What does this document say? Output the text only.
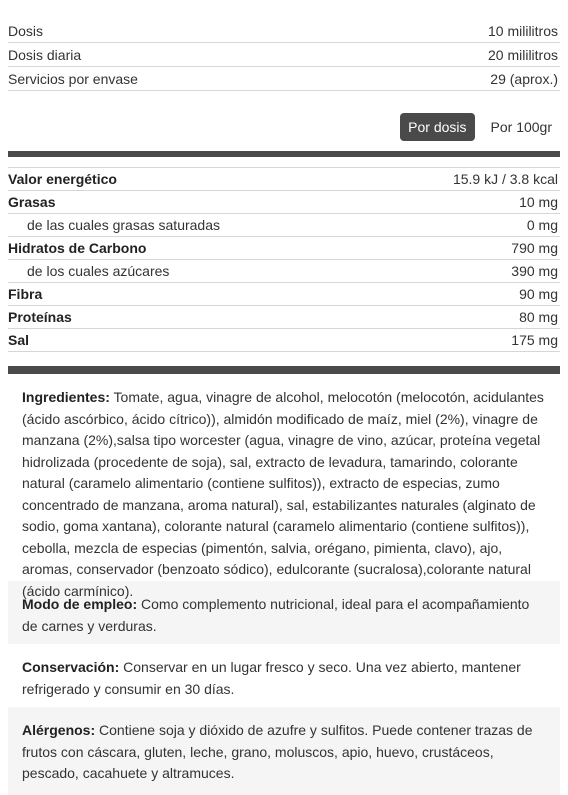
Dosis	10 mililitros
Dosis diaria	20 mililitros
Servicios por envase	29 (aprox.)
Por dosis	Por 100gr
Valor energético	15.9 kJ / 3.8 kcal
Grasas	10 mg
de las cuales grasas saturadas	0 mg
Hidratos de Carbono	790 mg
de los cuales azúcares	390 mg
Fibra	90 mg
Proteínas	80 mg
Sal	175 mg
Ingredientes: Tomate, agua, vinagre de alcohol, melocotón (melocotón, acidulantes (ácido ascórbico, ácido cítrico)), almidón modificado de maíz, miel (2%), vinagre de manzana (2%),salsa tipo worcester (agua, vinagre de vino, azúcar, proteína vegetal hidrolizada (procedente de soja), sal, extracto de levadura, tamarindo, colorante natural (caramelo alimentario (contiene sulfitos)), extracto de especias, zumo concentrado de manzana, aroma natural), sal, estabilizantes naturales (alginato de sodio, goma xantana), colorante natural (caramelo alimentario (contiene sulfitos)), cebolla, mezcla de especias (pimentón, salvia, orégano, pimienta, clavo), ajo, aromas, conservador (benzoato sódico), edulcorante (sucralosa),colorante natural (ácido carmínico).
Modo de empleo: Como complemento nutricional, ideal para el acompañamiento de carnes y verduras.
Conservación: Conservar en un lugar fresco y seco. Una vez abierto, mantener refrigerado y consumir en 30 días.
Alérgenos: Contiene soja y dióxido de azufre y sulfitos. Puede contener trazas de frutos con cáscara, gluten, leche, grano, moluscos, apio, huevo, crustáceos, pescado, cacahuete y altramuces.
